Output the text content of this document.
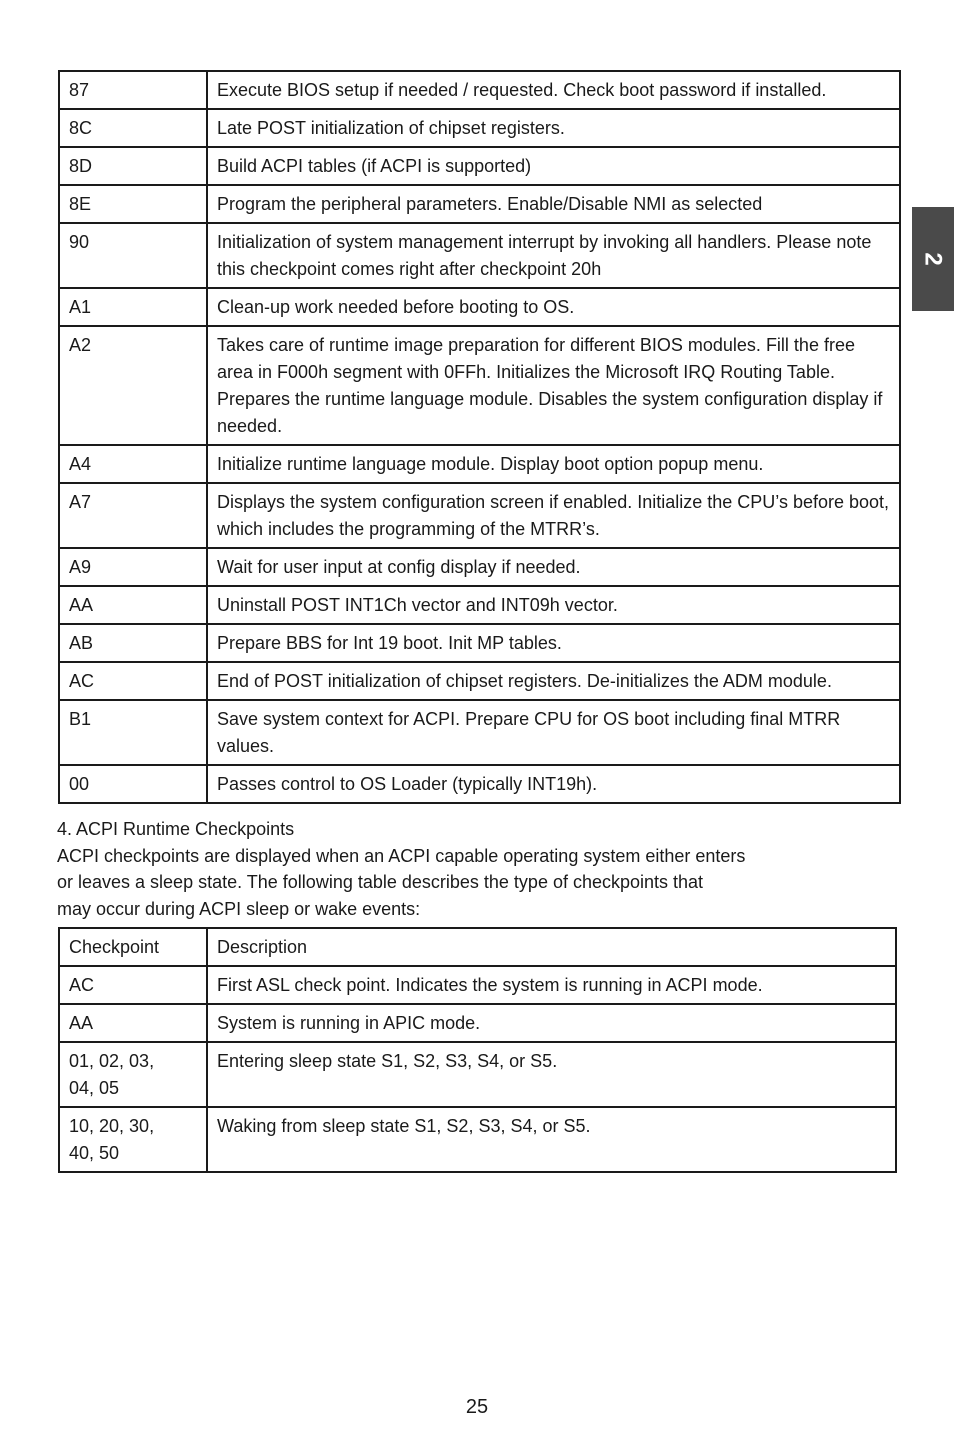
2
87	Execute BIOS setup if needed / requested. Check boot password if installed.
8C	Late POST initialization of chipset registers.
8D	Build ACPI tables (if ACPI is supported)
8E	Program the peripheral parameters. Enable/Disable NMI as selected
90	Initialization of system management interrupt by invoking all handlers. Please note this checkpoint comes right after checkpoint 20h
A1	Clean-up work needed before booting to OS.
A2	Takes care of runtime image preparation for different BIOS modules. Fill the free area in F000h segment with 0FFh. Initializes the Microsoft IRQ Routing Table. Prepares the runtime language module. Disables the system configuration display if needed.
A4	Initialize runtime language module. Display boot option popup menu.
A7	Displays the system configuration screen if enabled. Initialize the CPU’s before boot, which includes the programming of the MTRR’s.
A9	Wait for user input at config display if needed.
AA	Uninstall POST INT1Ch vector and INT09h vector.
AB	Prepare BBS for Int 19 boot. Init MP tables.
AC	End of POST initialization of chipset registers. De-initializes the ADM module.
B1	Save system context for ACPI. Prepare CPU for OS boot including final MTRR values.
00	Passes control to OS Loader (typically INT19h).

4. ACPI Runtime Checkpoints

ACPI checkpoints are displayed when an ACPI capable operating system either enters

or leaves a sleep state. The following table describes the type of checkpoints that

may occur during ACPI sleep or wake events:

Checkpoint	Description
AC	First ASL check point. Indicates the system is running in ACPI mode.
AA	System is running in APIC mode.
01, 02, 03,
04, 05	Entering sleep state S1, S2, S3, S4, or S5.
10, 20, 30,
40, 50	Waking from sleep state S1, S2, S3, S4, or S5.
25
